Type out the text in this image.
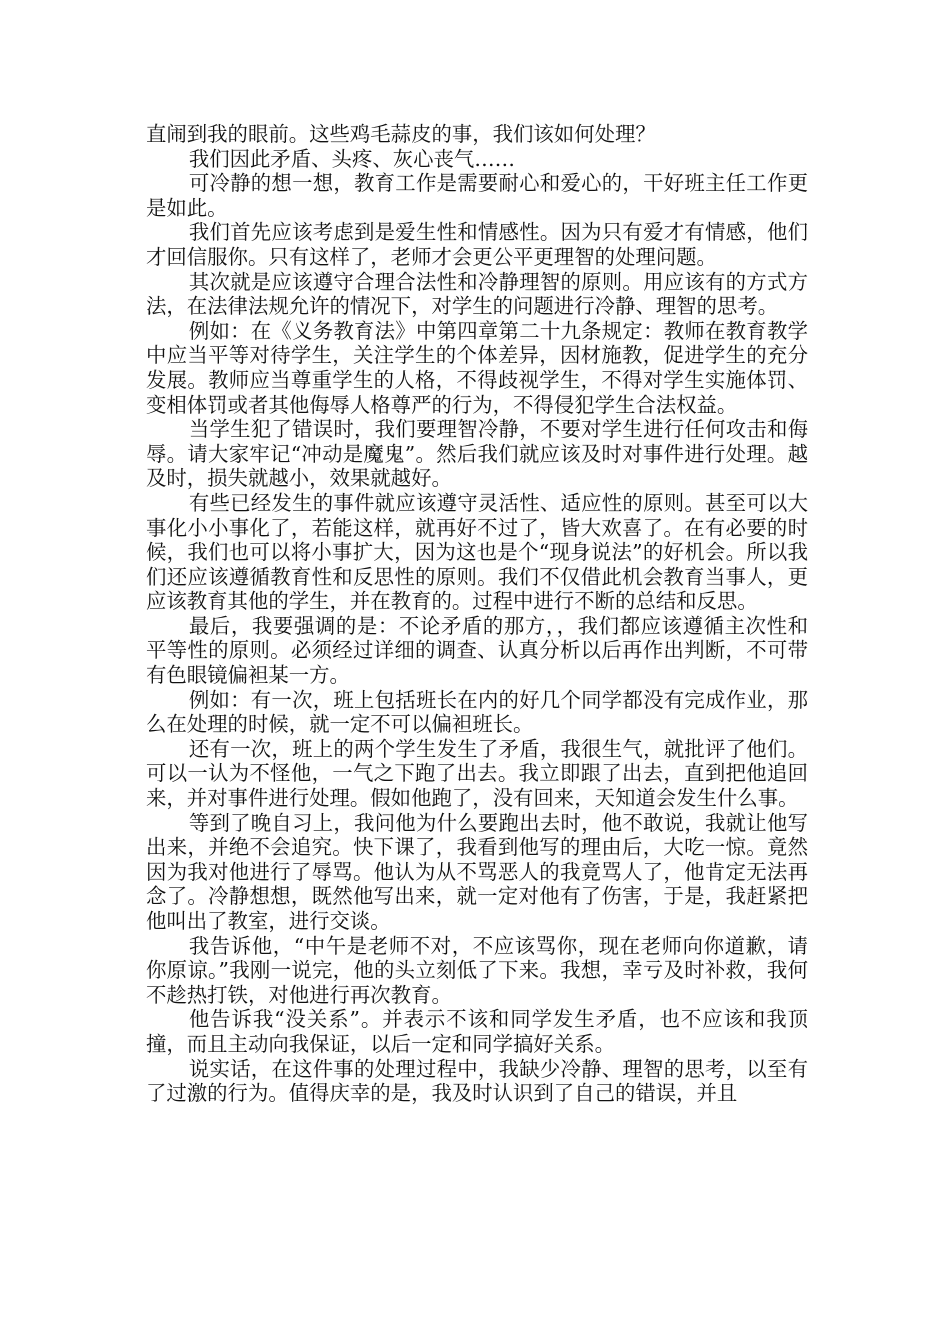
直闹到我的眼前。这些鸡毛蒜皮的事，我们该如何处理？

我们因此矛盾、头疼、灰心丧气……

可冷静的想一想，教育工作是需要耐心和爱心的，干好班主任工作更是如此。

我们首先应该考虑到是爱生性和情感性。因为只有爱才有情感，他们才回信服你。只有这样了，老师才会更公平更理智的处理问题。

其次就是应该遵守合理合法性和冷静理智的原则。用应该有的方式方法，在法律法规允许的情况下，对学生的问题进行冷静、理智的思考。

例如：在《义务教育法》中第四章第二十九条规定：教师在教育教学中应当平等对待学生，关注学生的个体差异，因材施教，促进学生的充分发展。教师应当尊重学生的人格，不得歧视学生，不得对学生实施体罚、变相体罚或者其他侮辱人格尊严的行为，不得侵犯学生合法权益。

当学生犯了错误时，我们要理智冷静，不要对学生进行任何攻击和侮辱。请大家牢记“冲动是魔鬼”。然后我们就应该及时对事件进行处理。越及时，损失就越小，效果就越好。

有些已经发生的事件就应该遵守灵活性、适应性的原则。甚至可以大事化小小事化了，若能这样，就再好不过了，皆大欢喜了。在有必要的时候，我们也可以将小事扩大，因为这也是个“现身说法”的好机会。所以我们还应该遵循教育性和反思性的原则。我们不仅借此机会教育当事人，更应该教育其他的学生，并在教育的。过程中进行不断的总结和反思。

最后，我要强调的是：不论矛盾的那方，，我们都应该遵循主次性和平等性的原则。必须经过详细的调查、认真分析以后再作出判断，不可带有色眼镜偏袒某一方。

例如：有一次，班上包括班长在内的好几个同学都没有完成作业，那么在处理的时候，就一定不可以偏袒班长。

还有一次，班上的两个学生发生了矛盾，我很生气，就批评了他们。可以一认为不怪他，一气之下跑了出去。我立即跟了出去，直到把他追回来，并对事件进行处理。假如他跑了，没有回来，天知道会发生什么事。

等到了晚自习上，我问他为什么要跑出去时，他不敢说，我就让他写出来，并绝不会追究。快下课了，我看到他写的理由后，大吃一惊。竟然因为我对他进行了辱骂。他认为从不骂恶人的我竟骂人了，他肯定无法再念了。冷静想想，既然他写出来，就一定对他有了伤害，于是，我赶紧把他叫出了教室，进行交谈。

我告诉他，“中午是老师不对，不应该骂你，现在老师向你道歉，请你原谅。”我刚一说完，他的头立刻低了下来。我想，幸亏及时补救，我何不趁热打铁，对他进行再次教育。

他告诉我“没关系”。并表示不该和同学发生矛盾，也不应该和我顶撞，而且主动向我保证，以后一定和同学搞好关系。

说实话，在这件事的处理过程中，我缺少冷静、理智的思考，以至有了过激的行为。值得庆幸的是，我及时认识到了自己的错误，并且
